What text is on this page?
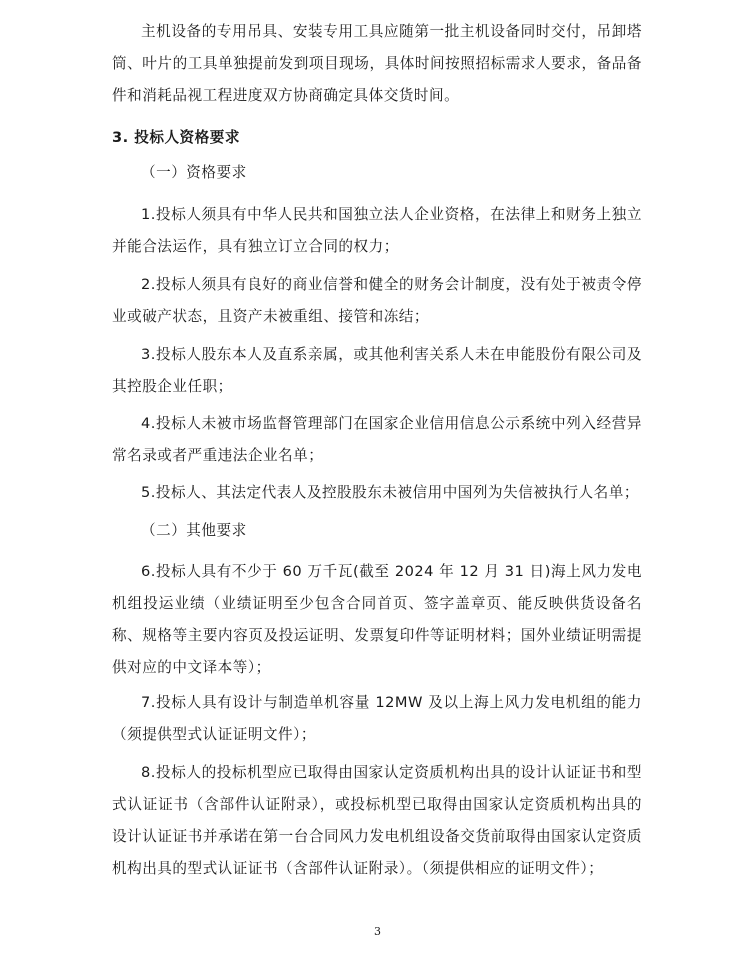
主机设备的专用吊具、安装专用工具应随第一批主机设备同时交付，吊卸塔筒、叶片的工具单独提前发到项目现场，具体时间按照招标需求人要求，备品备件和消耗品视工程进度双方协商确定具体交货时间。

3. 投标人资格要求

（一）资格要求

1.投标人须具有中华人民共和国独立法人企业资格，在法律上和财务上独立并能合法运作，具有独立订立合同的权力；

2.投标人须具有良好的商业信誉和健全的财务会计制度，没有处于被责令停业或破产状态，且资产未被重组、接管和冻结；

3.投标人股东本人及直系亲属，或其他利害关系人未在申能股份有限公司及其控股企业任职；

4.投标人未被市场监督管理部门在国家企业信用信息公示系统中列入经营异常名录或者严重违法企业名单；

5.投标人、其法定代表人及控股股东未被信用中国列为失信被执行人名单；

（二）其他要求

6.投标人具有不少于 60 万千瓦(截至 2024 年 12 月 31 日)海上风力发电机组投运业绩（业绩证明至少包含合同首页、签字盖章页、能反映供货设备名称、规格等主要内容页及投运证明、发票复印件等证明材料；国外业绩证明需提供对应的中文译本等）；

7.投标人具有设计与制造单机容量 12MW 及以上海上风力发电机组的能力（须提供型式认证证明文件）；

8.投标人的投标机型应已取得由国家认定资质机构出具的设计认证证书和型式认证证书（含部件认证附录），或投标机型已取得由国家认定资质机构出具的设计认证证书并承诺在第一台合同风力发电机组设备交货前取得由国家认定资质机构出具的型式认证证书（含部件认证附录）。（须提供相应的证明文件）；

3
